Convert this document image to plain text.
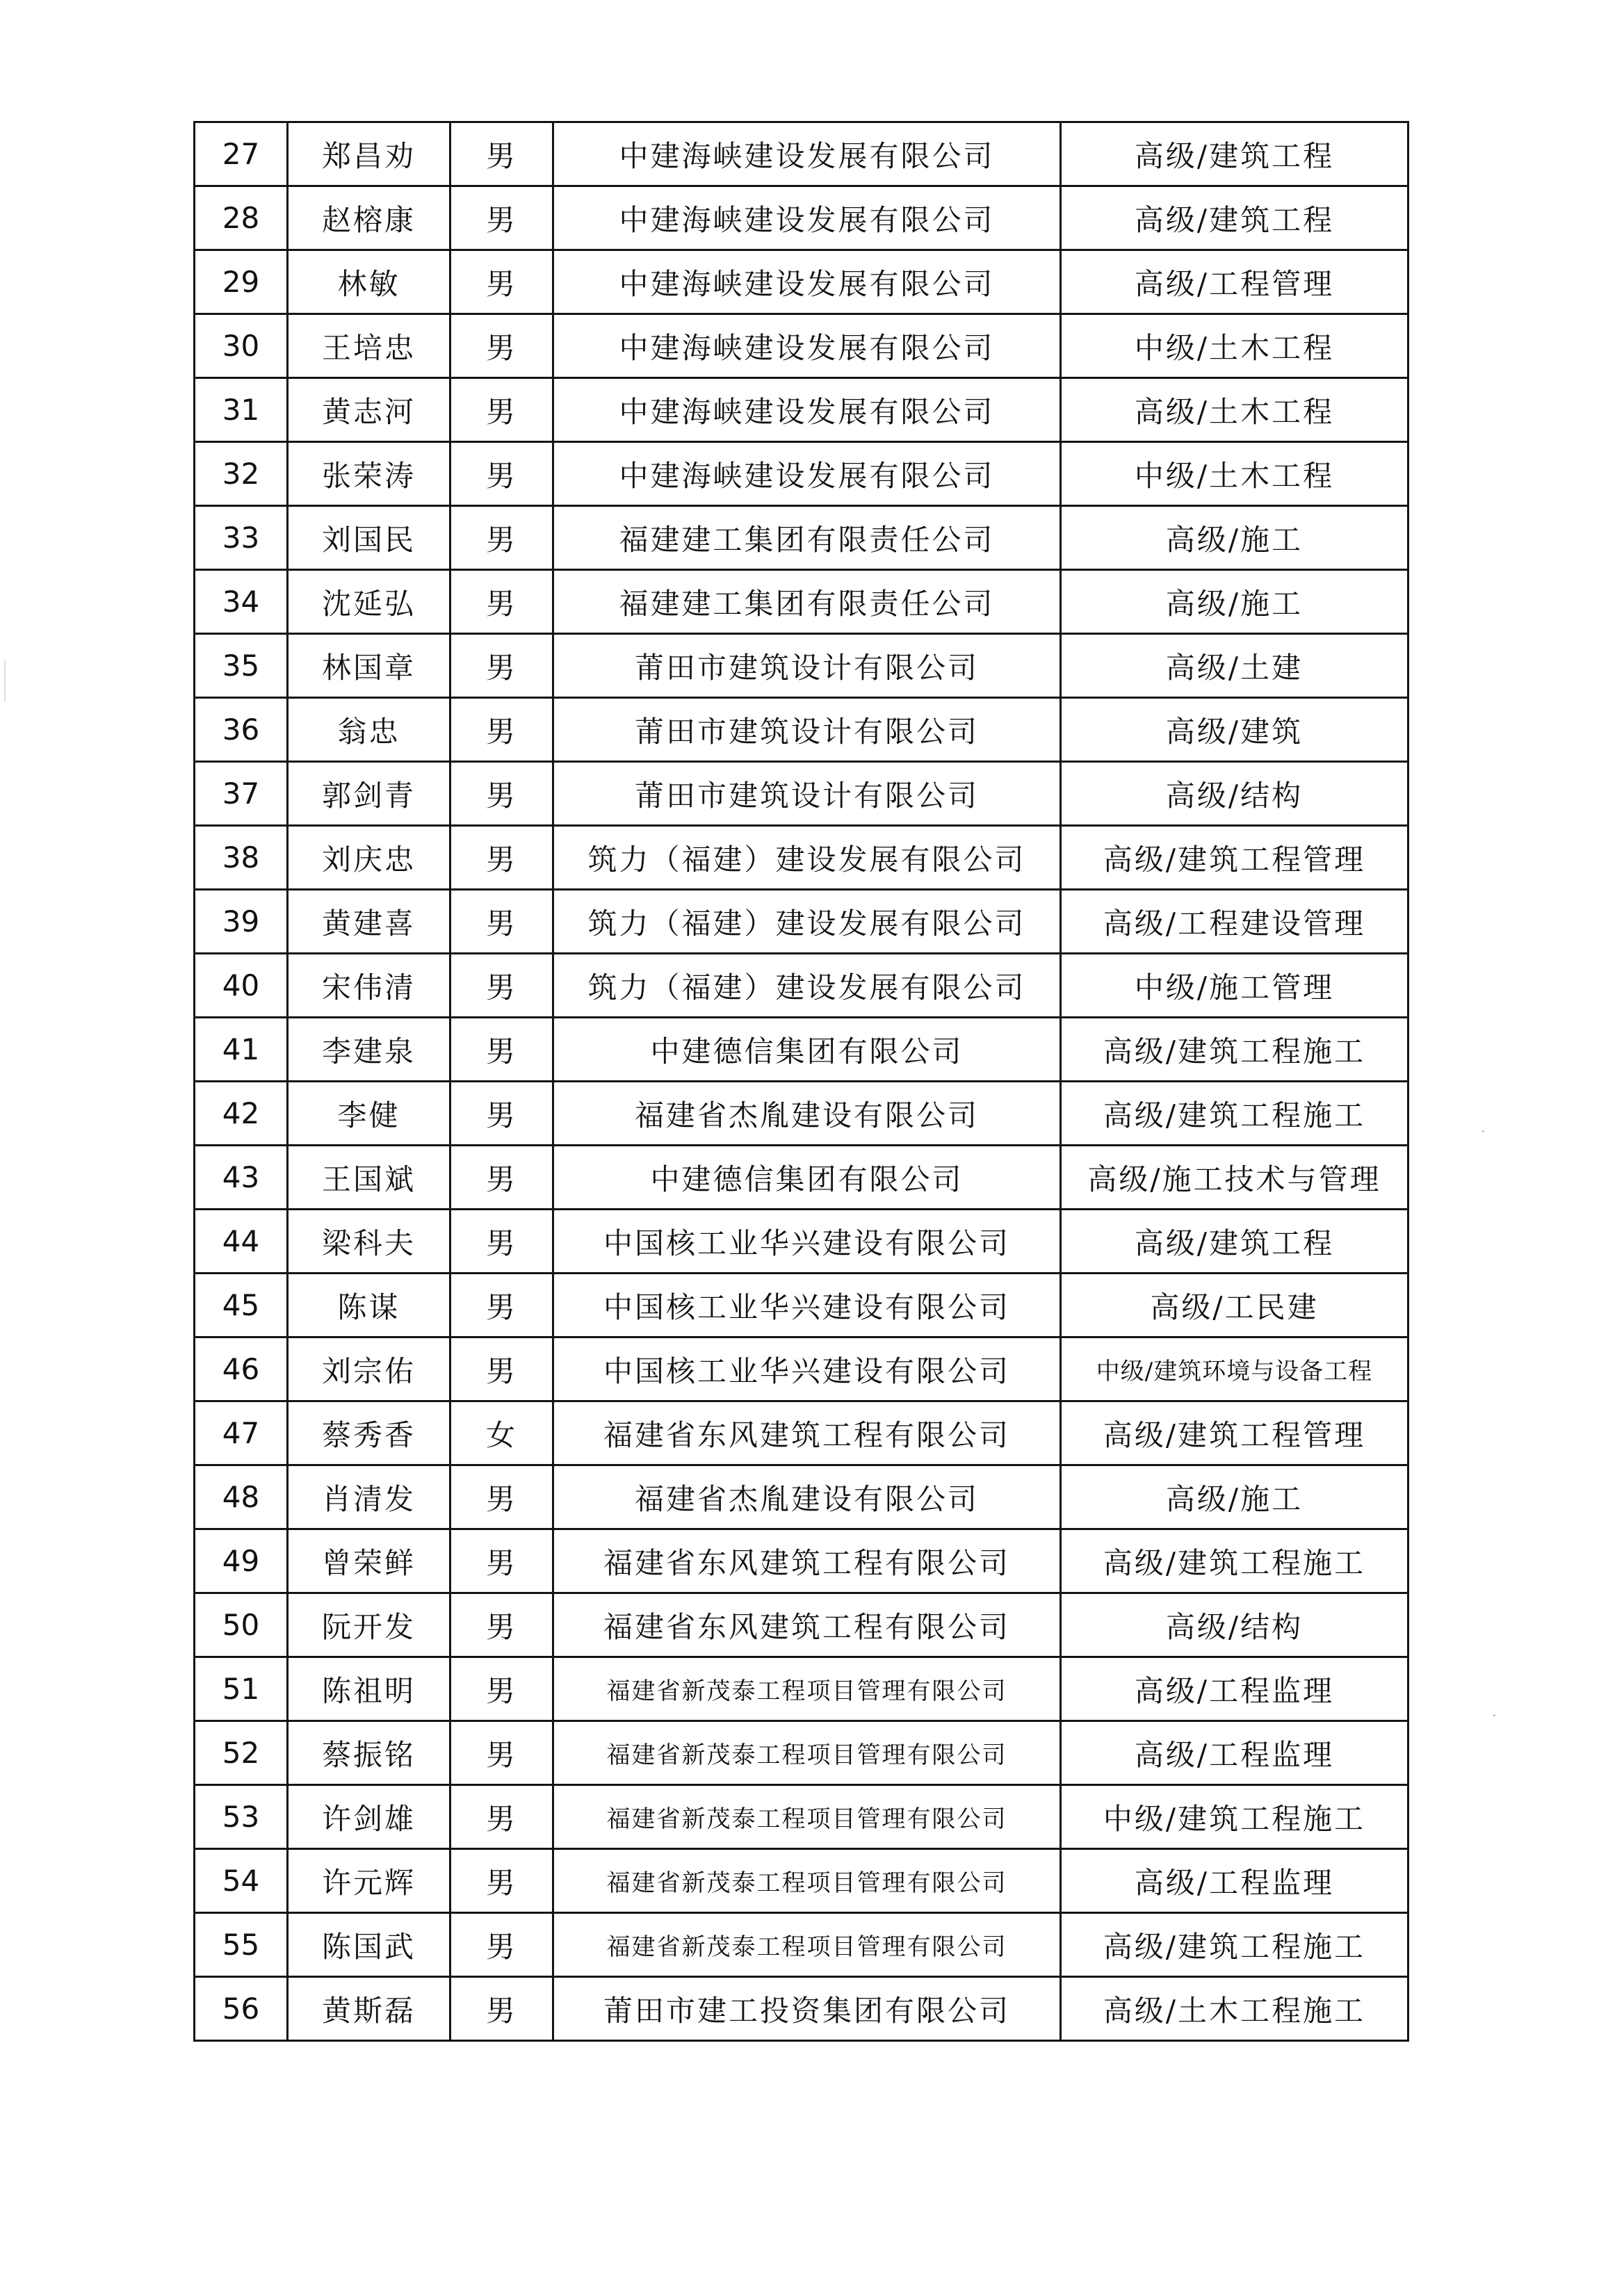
27	郑昌劝	男	中建海峡建设发展有限公司	高级/建筑工程
28	赵榕康	男	中建海峡建设发展有限公司	高级/建筑工程
29	林敏	男	中建海峡建设发展有限公司	高级/工程管理
30	王培忠	男	中建海峡建设发展有限公司	中级/土木工程
31	黄志河	男	中建海峡建设发展有限公司	高级/土木工程
32	张荣涛	男	中建海峡建设发展有限公司	中级/土木工程
33	刘国民	男	福建建工集团有限责任公司	高级/施工
34	沈延弘	男	福建建工集团有限责任公司	高级/施工
35	林国章	男	莆田市建筑设计有限公司	高级/土建
36	翁忠	男	莆田市建筑设计有限公司	高级/建筑
37	郭剑青	男	莆田市建筑设计有限公司	高级/结构
38	刘庆忠	男	筑力（福建）建设发展有限公司	高级/建筑工程管理
39	黄建喜	男	筑力（福建）建设发展有限公司	高级/工程建设管理
40	宋伟清	男	筑力（福建）建设发展有限公司	中级/施工管理
41	李建泉	男	中建德信集团有限公司	高级/建筑工程施工
42	李健	男	福建省杰胤建设有限公司	高级/建筑工程施工
43	王国斌	男	中建德信集团有限公司	高级/施工技术与管理
44	梁科夫	男	中国核工业华兴建设有限公司	高级/建筑工程
45	陈谋	男	中国核工业华兴建设有限公司	高级/工民建
46	刘宗佑	男	中国核工业华兴建设有限公司	中级/建筑环境与设备工程
47	蔡秀香	女	福建省东风建筑工程有限公司	高级/建筑工程管理
48	肖清发	男	福建省杰胤建设有限公司	高级/施工
49	曾荣鲜	男	福建省东风建筑工程有限公司	高级/建筑工程施工
50	阮开发	男	福建省东风建筑工程有限公司	高级/结构
51	陈祖明	男	福建省新茂泰工程项目管理有限公司	高级/工程监理
52	蔡振铭	男	福建省新茂泰工程项目管理有限公司	高级/工程监理
53	许剑雄	男	福建省新茂泰工程项目管理有限公司	中级/建筑工程施工
54	许元辉	男	福建省新茂泰工程项目管理有限公司	高级/工程监理
55	陈国武	男	福建省新茂泰工程项目管理有限公司	高级/建筑工程施工
56	黄斯磊	男	莆田市建工投资集团有限公司	高级/土木工程施工
